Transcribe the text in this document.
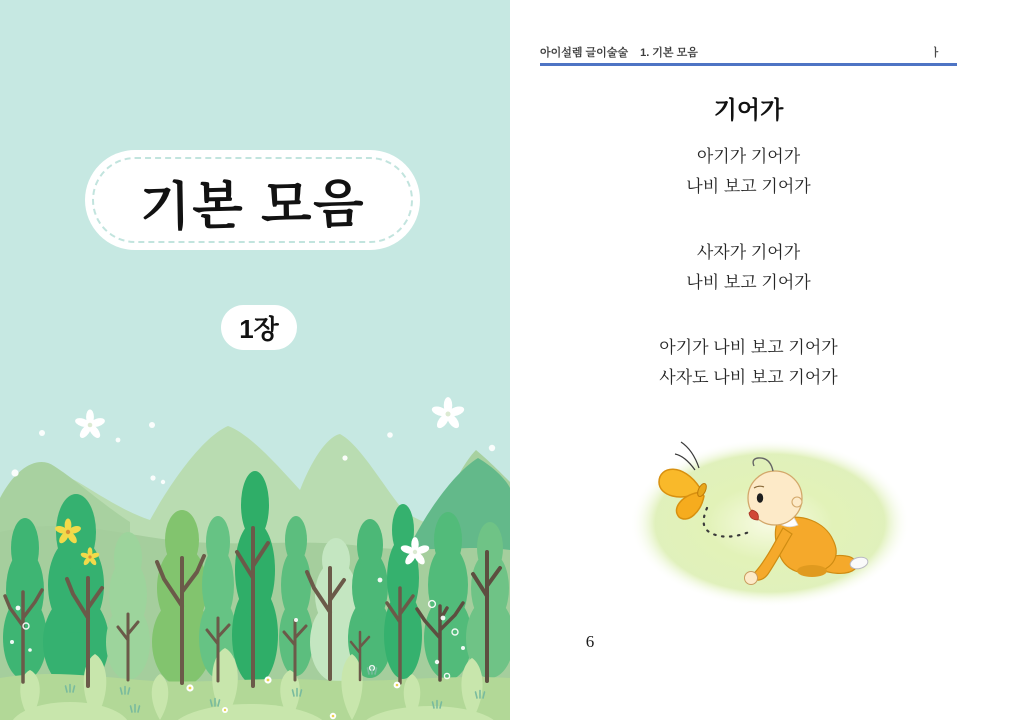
기본 모음
1장
아이설렘 글이술술 1. 기본 모음	ㅏ
기어가

아기가 기어가

나비 보고 기어가

사자가 기어가

나비 보고 기어가

아기가 나비 보고 기어가

사자도 나비 보고 기어가

6
